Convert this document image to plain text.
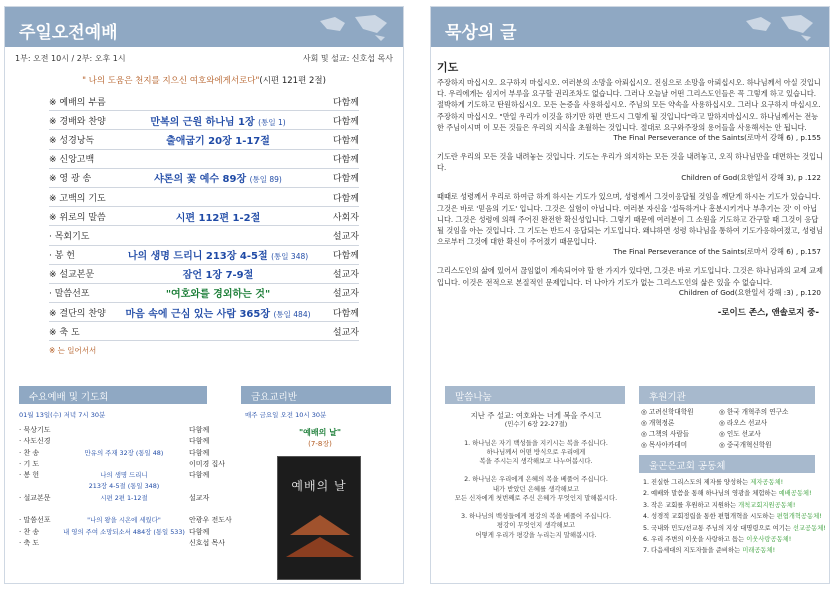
주일오전예배
1부: 오전 10시 / 2부: 오후 1시	사회 및 설교: 신호섭 목사
" 나의 도움은 천지를 지으신 여호와에게서로다"(시편 121편 2절)
※ 예배의 부름	다함께
※ 경배와 찬양	만복의 근원 하나님 1장 (통일 1)	다함께
※ 성경낭독	출애굽기 20장 1-17절	다함께
※ 신앙고백	다함께
※ 영 광 송	샤론의 꽃 예수 89장 (통일 89)	다함께
※ 고백의 기도	다함께
※ 위로의 말씀	시편 112편 1-2절	사회자
· 목회기도	설교자
· 봉 헌	나의 생명 드리니 213장 4-5절 (통일 348)	다함께
※ 설교본문	잠언 1장 7-9절	설교자
· 말씀선포	"여호와를 경외하는 것"	설교자
※ 결단의 찬양	마음 속에 근심 있는 사람 365장 (통일 484)	다함께
※ 축 도	설교자
※ 는 일어서서
수요예배 및 기도회	금요교리반
01월 13일(수) 저녁 7시 30분
· 묵상기도	다함께
· 사도신경	다함께
· 찬 송	만유의 주재 32장 (통일 48)	다함께
· 기 도	이미경 집사
· 봉 헌	나의 생명 드리니	다함께
213장 4-5절 (통일 348)
· 설교본문	시편 2편 1-12절	설교자
· 말씀선포	"나의 왕을 시온에 세웠다"	안광우 전도사
· 찬 송	내 영의 주여 소망되소서 484장 (통일 533) 다함께
· 축 도	신호섭 목사
매주 금요일 오전 10시 30분
"예배의 날"
(7-8장)
예배의 날
묵상의 글
기도
주장하지 마십시오. 요구하지 마십시오. 여러분의 소망을 아뢰십시오. 진심으로 소망을 아뢰십시오. 하나님께서 아실 것입니다. 우리에게는 심지어 부루을 요구할 권리조차도 없습니다. 그러나 오늘날 어떤 그리스도인들은 꼭 그렇게 하고 있습니다. 절박하게 기도하고 탄원하십시오. 모든 논증을 사용하십시오. 주님의 모든 약속을 사용하십시오. 그러나 요구하지 마십시오. 주장하지 마십시오. "만일 우리가 이것을 하기만 하면 반드시 그렇게 될 것입니다"라고 말하지마십시오. 하나님께서는 전능한 주님이시며 이 모든 것들은 우리의 지식을 초월하는 것입니다. 절대로 요구와주장의 용어들을 사용해서는 안 됩니다.
The Final Perseverance of the Saints(로마서 강해 6) , p.155
기도란 우리의 모든 것을 내려놓는 것입니다. 기도는 우리가 의지하는 모든 것을 내려놓고, 오직 하나님만을 대면하는 것입니다.
Children of God(요한일서 강해 3), p .122
때때로 성령께서 우리로 하여금 하게 하시는 기도가 있으며, 성령께서 그것이응답될 것임을 깨닫게 하시는 기도가 있습니다. 그것은 바로 '믿음의 기도' 입니다. 그것은 실험이 아닙니다. 여러분 자신을 '설득하거나 흥분시키거나 부추기는 것' 이 아닙니다. 그것은 성령에 의해 주어진 완전한 확신성입니다. 그렇기 때문에 여러분이 그 소원을 기도하고 간구할 때 그것이 응답될 것임을 아는 것입니다. 그 기도는 반드시 응답되는 기도입니다. 왜냐하면 성령 하나님을 통하여 기도가응하여졌고, 성령님으로부터 그것에 대한 확신이 주어졌기 때문입니다.
The Final Perseverance of the Saints(로마서 강해 6) , p.157
그리스도인의 삶에 있어서 끊임없이 계속되어야 할 한 가지가 있다면, 그것은 바로 기도입니다. 그것은 하나님과의 교제 교제입니다. 이것은 전적으로 본질적인 문제입니다. 더 나아가 기도가 없는 그리스도인의 삶은 있을 수 없습니다.
Children of God(요한일서 강해 :3) , p.120
-로이드 존스, 앤솔로지 중-
말씀나눔	후원기관
지난 주 설교: 여호와는 너게 복을 주시고
(민수기 6장 22-27절)
1. 하나님은 자기 백성들을 지키시는 복을 주십니다.
하나님께서 어떤 방식으로 우리에게
복을 주시는지 생각해보고 나누어봅시다.
2. 하나님은 우리에게 은혜의 복을 베풀어 주십니다.
내가 받았던 은혜를 생각해보고
모든 신자에게 첫번째로 주신 은혜가 무엇인지 말해봅시다.
3. 하나님의 백성들에게 평강의 복을 베풀어 주십니다.
평강이 무엇인지 생각해보고
어떻게 우리가 평강을 누리는지 말해봅시다.
◎ 고려신학대학원	◎ 한국 개혁주의 연구소
◎ 개혁정론	◎ 라오스 선교사
◎ 그책의 사람들	◎ 인도 선교사
◎ 목사아카데미	◎ 중국개혁신학원
울곤은교회 공동체
1. 진실한 그리스도의 제자를 양성하는 제자공동체!
2. 예배와 말씀을 통해 하나님의 영광을 체험하는 예배공동체!
3. 작은 교회를 후원하고 지원하는 개척교회지원공동체!
4. 성경적 교회정립을 통한 편협개혁을 시도하는 편협개혁공동체!
5. 국내와 민도/선교통 주님의 지상 대명령으로 여기는 선교공동체!
6. 우리 주변의 이웃을 사랑하고 돕는 이웃사랑공동체!
7. 다음세대의 지도자들을 준비하는 미래공동체!
